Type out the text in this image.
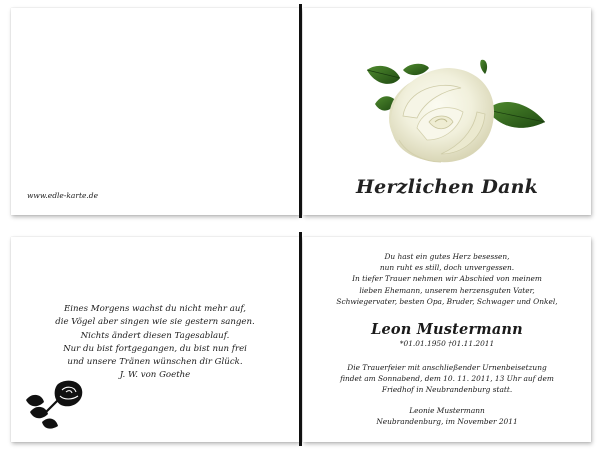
www.edle-karte.de	Herzlichen Dank
Eines Morgens wachst du nicht mehr auf,
die Vögel aber singen wie sie gestern sangen.
Nichts ändert diesen Tagesablauf.
Nur du bist fortgegangen, du bist nun frei
und unsere Tränen wünschen dir Glück.
J. W. von Goethe
Du hast ein gutes Herz besessen,
nun ruht es still, doch unvergessen.
In tiefer Trauer nehmen wir Abschied von meinem
lieben Ehemann, unserem herzensguten Vater,
Schwiegervater, besten Opa, Bruder, Schwager und Onkel,
Leon Mustermann
*01.01.1950 †01.11.2011
Die Trauerfeier mit anschließender Urnenbeisetzung
findet am Sonnabend, dem 10. 11. 2011, 13 Uhr auf dem
Friedhof in Neubrandenburg statt.
Leonie Mustermann
Neubrandenburg, im November 2011
